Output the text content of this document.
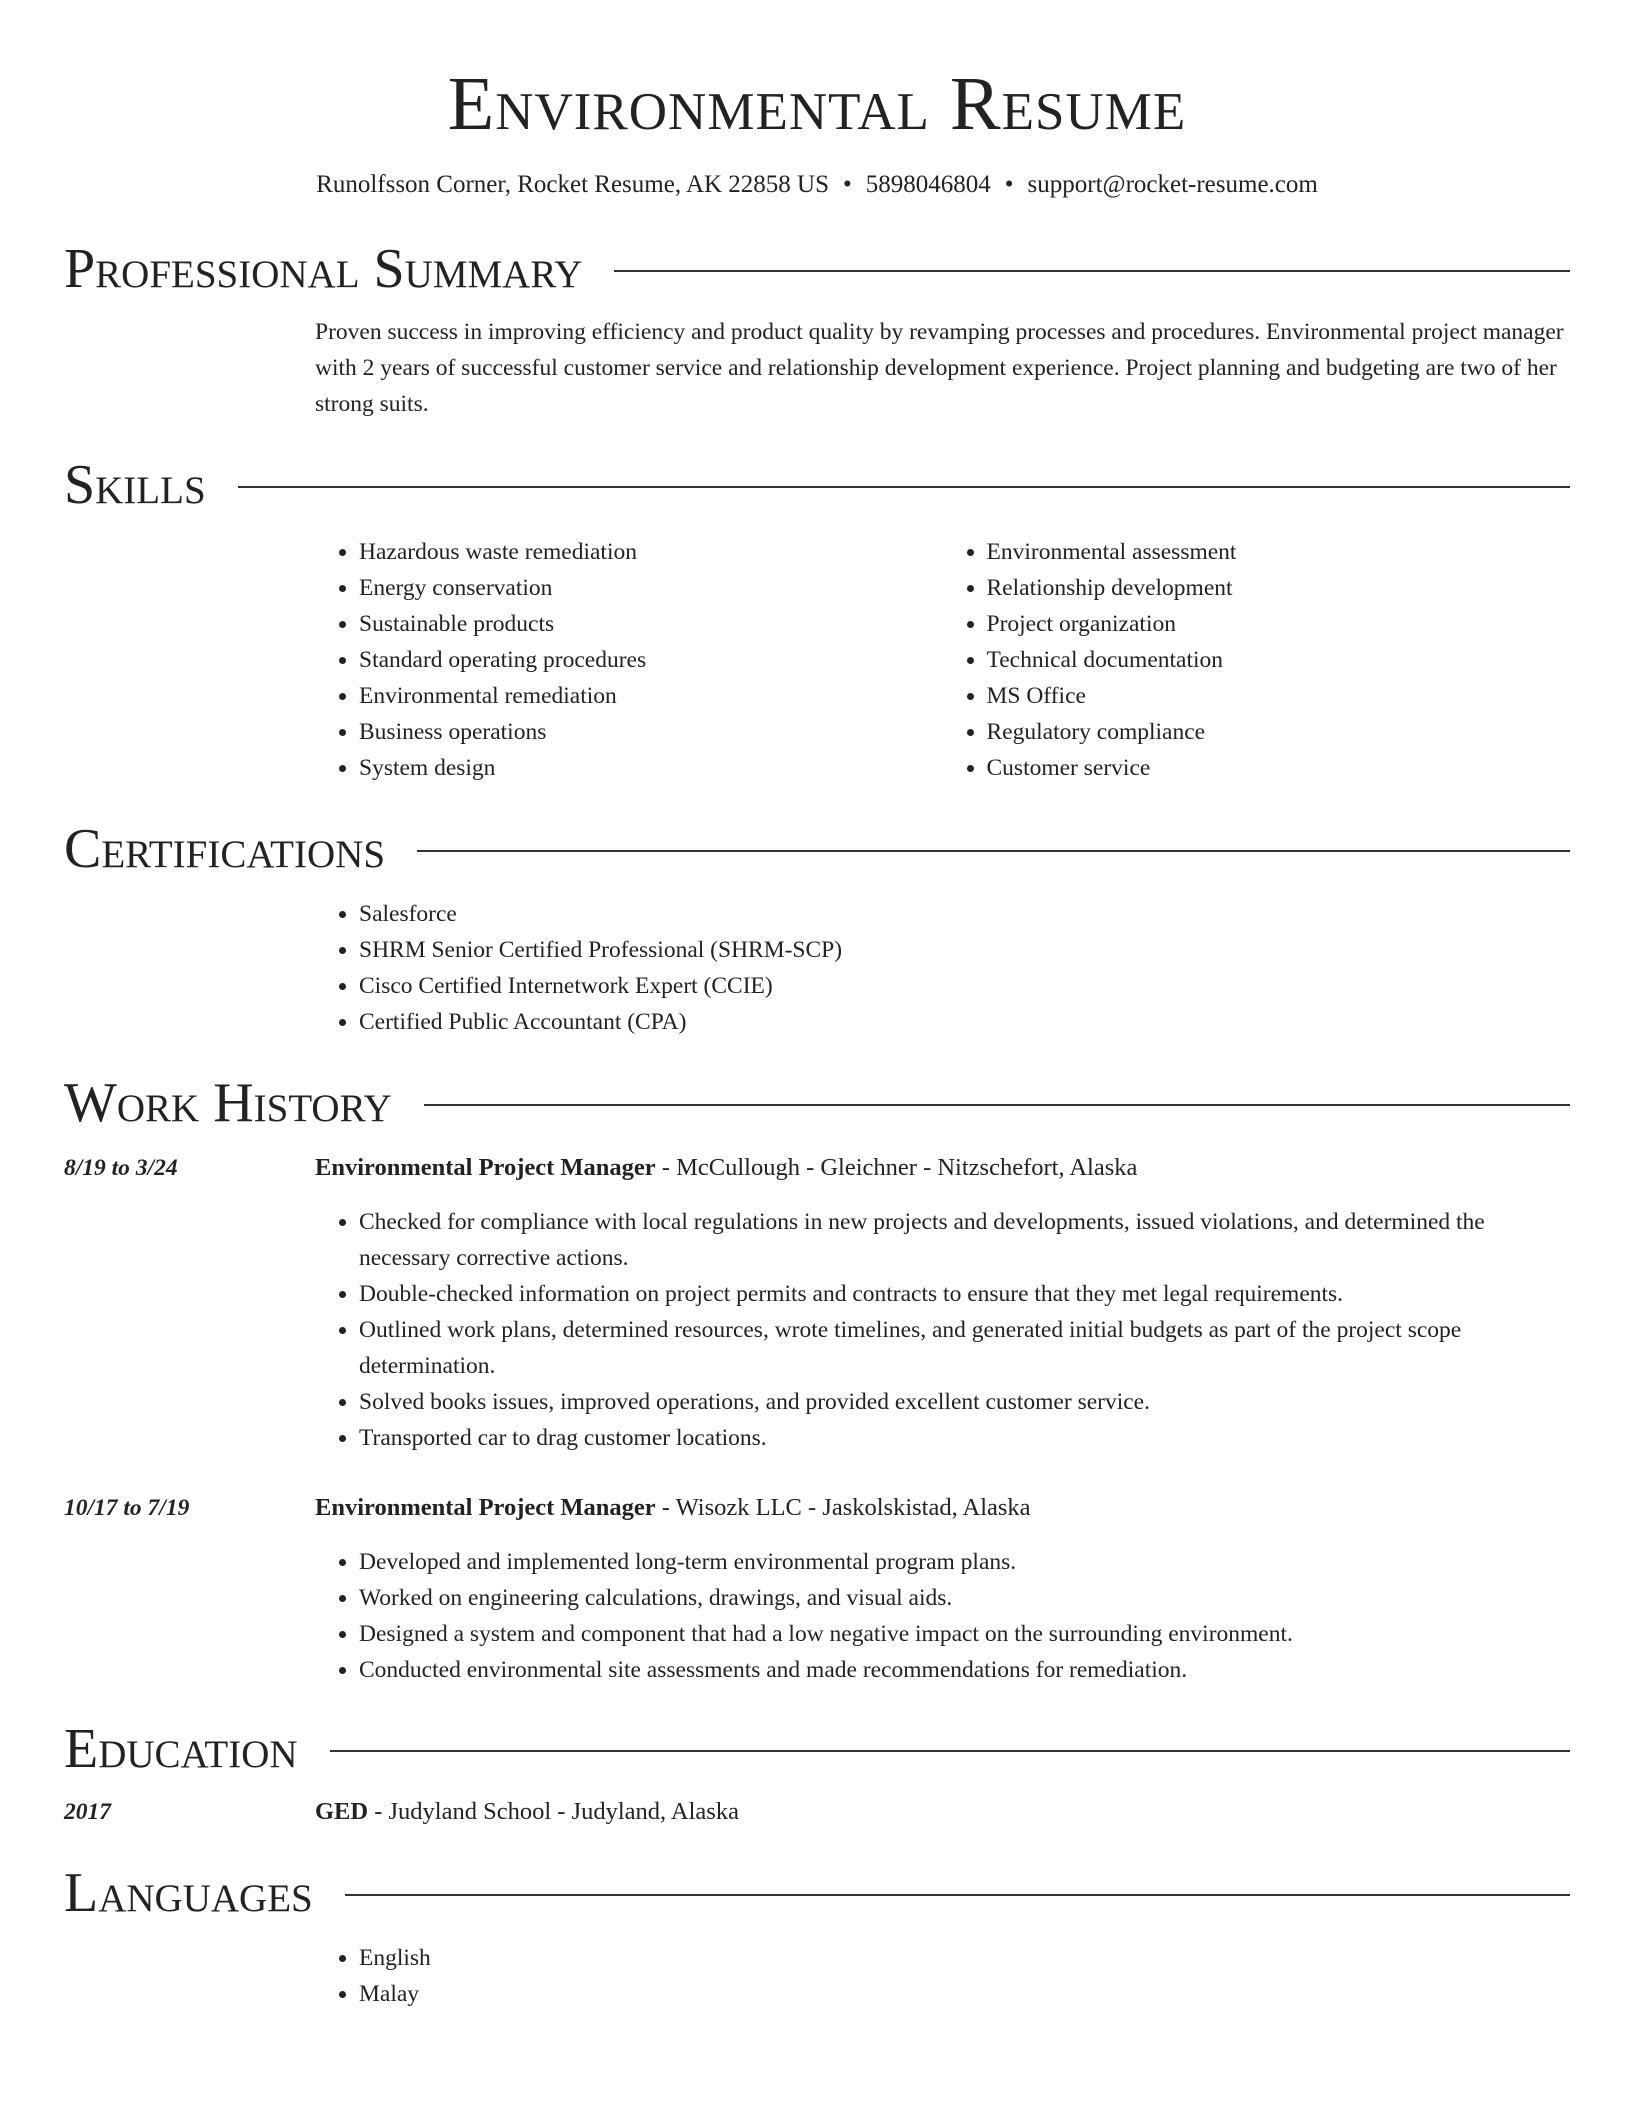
Environmental Resume
Runolfsson Corner, Rocket Resume, AK 22858 US • 5898046804 • support@rocket-resume.com
Professional Summary

Proven success in improving efficiency and product quality by revamping processes and procedures. Environmental project manager with 2 years of successful customer service and relationship development experience. Project planning and budgeting are two of her strong suits.

Skills
• Hazardous waste remediation
• Energy conservation
• Sustainable products
• Standard operating procedures
• Environmental remediation
• Business operations
• System design
• Environmental assessment
• Relationship development
• Project organization
• Technical documentation
• MS Office
• Regulatory compliance
• Customer service
Certifications
• Salesforce
• SHRM Senior Certified Professional (SHRM-SCP)
• Cisco Certified Internetwork Expert (CCIE)
• Certified Public Accountant (CPA)
Work History
8/19 to 3/24	Environmental Project Manager - McCullough - Gleichner - Nitzschefort, Alaska
• Checked for compliance with local regulations in new projects and developments, issued violations, and determined the necessary corrective actions.
• Double-checked information on project permits and contracts to ensure that they met legal requirements.
• Outlined work plans, determined resources, wrote timelines, and generated initial budgets as part of the project scope determination.
• Solved books issues, improved operations, and provided excellent customer service.
• Transported car to drag customer locations.
10/17 to 7/19	Environmental Project Manager - Wisozk LLC - Jaskolskistad, Alaska
• Developed and implemented long-term environmental program plans.
• Worked on engineering calculations, drawings, and visual aids.
• Designed a system and component that had a low negative impact on the surrounding environment.
• Conducted environmental site assessments and made recommendations for remediation.
Education
2017	GED - Judyland School - Judyland, Alaska
Languages
• English
• Malay
